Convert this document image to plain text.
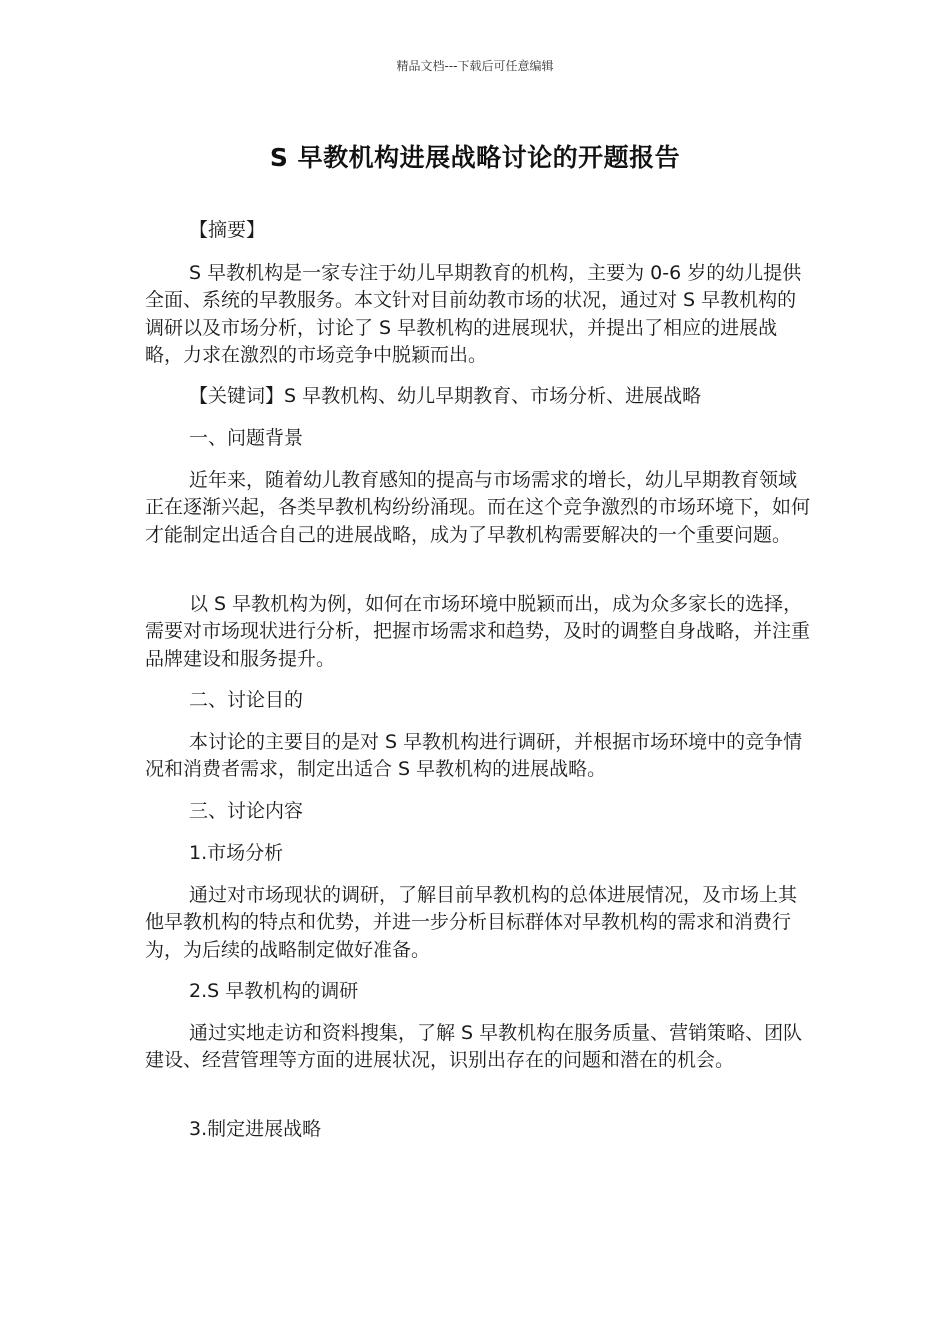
精品文档---下载后可任意编辑
S 早教机构进展战略讨论的开题报告
【摘要】

S 早教机构是一家专注于幼儿早期教育的机构，主要为 0-6 岁的幼儿提供全面、系统的早教服务。本文针对目前幼教市场的状况，通过对 S 早教机构的调研以及市场分析，讨论了 S 早教机构的进展现状，并提出了相应的进展战略，力求在激烈的市场竞争中脱颖而出。

【关键词】S 早教机构、幼儿早期教育、市场分析、进展战略
一、问题背景

近年来，随着幼儿教育感知的提高与市场需求的增长，幼儿早期教育领域正在逐渐兴起，各类早教机构纷纷涌现。而在这个竞争激烈的市场环境下，如何才能制定出适合自己的进展战略，成为了早教机构需要解决的一个重要问题。

以 S 早教机构为例，如何在市场环境中脱颖而出，成为众多家长的选择，需要对市场现状进行分析，把握市场需求和趋势，及时的调整自身战略，并注重品牌建设和服务提升。

二、讨论目的

本讨论的主要目的是对 S 早教机构进行调研，并根据市场环境中的竞争情况和消费者需求，制定出适合 S 早教机构的进展战略。

三、讨论内容
1.市场分析

通过对市场现状的调研，了解目前早教机构的总体进展情况，及市场上其他早教机构的特点和优势，并进一步分析目标群体对早教机构的需求和消费行为，为后续的战略制定做好准备。

2.S 早教机构的调研

通过实地走访和资料搜集，了解 S 早教机构在服务质量、营销策略、团队建设、经营管理等方面的进展状况，识别出存在的问题和潜在的机会。

3.制定进展战略
